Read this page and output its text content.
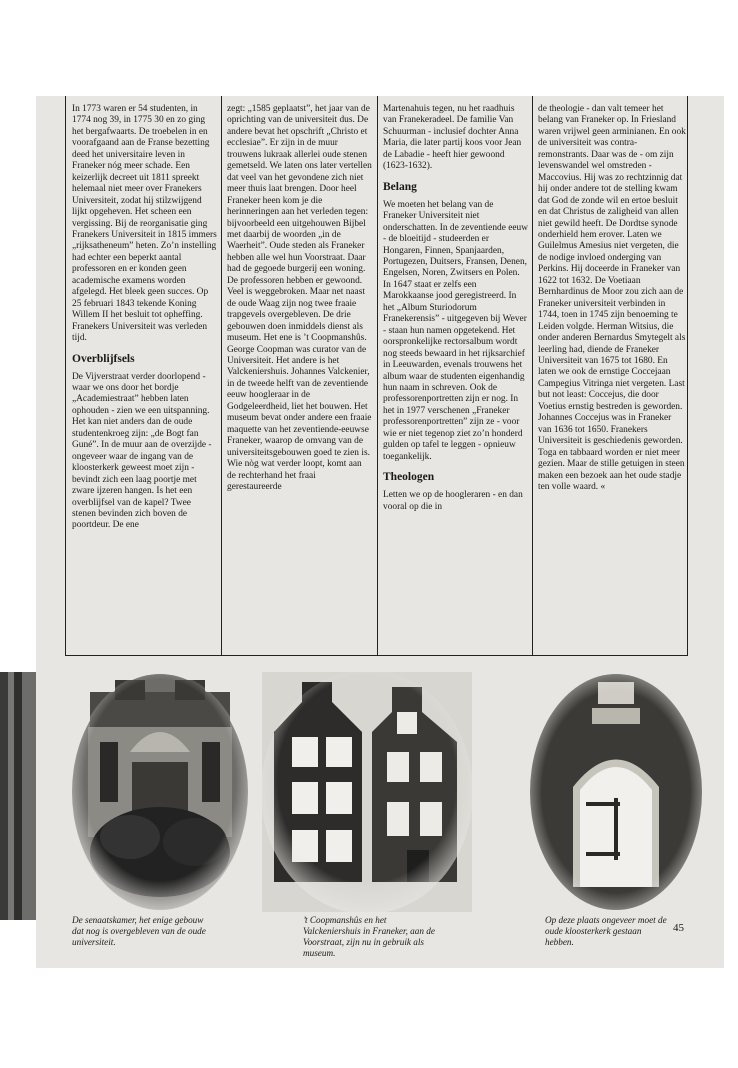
In 1773 waren er 54 studenten, in 1774 nog 39, in 1775 30 en zo ging het bergafwaarts. De troebelen in en voorafgaand aan de Franse bezetting deed het universitaire leven in Franeker nóg meer schade. Een keizerlijk decreet uit 1811 spreekt helemaal niet meer over Franekers Universiteit, zodat hij stilzwijgend lijkt opgeheven. Het scheen een vergissing. Bij de reorganisatie ging Franekers Universiteit in 1815 immers „rijksatheneum” heten. Zo’n instelling had echter een beperkt aantal professoren en er konden geen academische examens worden afgelegd. Het bleek geen succes. Op 25 februari 1843 tekende Koning Willem II het besluit tot opheffing. Franekers Universiteit was verleden tijd.

Overblijfsels

De Vijverstraat verder doorlopend - waar we ons door het bordje „Academiestraat” hebben laten ophouden - zien we een uitspanning. Het kan niet anders dan de oude studentenkroeg zijn: „de Bogt fan Guné”. In de muur aan de overzijde - ongeveer waar de ingang van de kloosterkerk geweest moet zijn - bevindt zich een laag poortje met zware ijzeren hangen. Is het een overblijfsel van de kapel? Twee stenen bevinden zich boven de poortdeur. De ene

zegt: „1585 geplaatst”, het jaar van de oprichting van de universiteit dus. De andere bevat het opschrift „Christo et ecclesiae”. Er zijn in de muur trouwens lukraak allerlei oude stenen gemetseld. We laten ons later vertellen dat veel van het gevondene zich niet meer thuis laat brengen. Door heel Franeker heen kom je die herinneringen aan het verleden tegen: bijvoorbeeld een uitgehouwen Bijbel met daarbij de woorden „in de Waerheit”. Oude steden als Franeker hebben alle wel hun Voorstraat. Daar had de gegoede burgerij een woning. De professoren hebben er gewoond. Veel is weggebroken. Maar net naast de oude Waag zijn nog twee fraaie trapgevels overgebleven. De drie gebouwen doen inmiddels dienst als museum. Het ene is ’t Coopmanshûs. George Coopman was curator van de Universiteit. Het andere is het Valckeniershuis. Johannes Valckenier, in de tweede helft van de zeventiende eeuw hoogleraar in de Godgeleerdheid, liet het bouwen. Het museum bevat onder andere een fraaie maquette van het zeventiende-eeuwse Franeker, waarop de omvang van de universiteitsgebouwen goed te zien is. Wie nòg wat verder loopt, komt aan de rechterhand het fraai gerestaureerde

Martenahuis tegen, nu het raadhuis van Franekeradeel. De familie Van Schuurman - inclusief dochter Anna Maria, die later partij koos voor Jean de Labadie - heeft hier gewoond (1623-1632).

Belang

We moeten het belang van de Franeker Universiteit niet onderschatten. In de zeventiende eeuw - de bloeitijd - studeerden er Hongaren, Finnen, Spanjaarden, Portugezen, Duitsers, Fransen, Denen, Engelsen, Noren, Zwitsers en Polen. In 1647 staat er zelfs een Marokkaanse jood geregistreerd. In het „Album Sturiodorum Franekerensis” - uitgegeven bij Wever - staan hun namen opgetekend. Het oorspronkelijke rectorsalbum wordt nog steeds bewaard in het rijksarchief in Leeuwarden, evenals trouwens het album waar de studenten eigenhandig hun naam in schreven. Ook de professorenportretten zijn er nog. In het in 1977 verschenen „Franeker professorenportretten” zijn ze - voor wie er niet tegenop ziet zo’n honderd gulden op tafel te leggen - opnieuw toegankelijk.

Theologen

Letten we op de hoogleraren - en dan vooral op die in

de theologie - dan valt temeer het belang van Franeker op. In Friesland waren vrijwel geen arminianen. En ook de universiteit was contra-remonstrants. Daar was de - om zijn levenswandel wel omstreden - Maccovius. Hij was zo rechtzinnig dat hij onder andere tot de stelling kwam dat God de zonde wil en ertoe besluit en dat Christus de zaligheid van allen niet gewild heeft. De Dordtse synode onderhield hem erover. Laten we Guilelmus Amesius niet vergeten, die de nodige invloed onderging van Perkins. Hij doceerde in Franeker van 1622 tot 1632. De Voetiaan Bernhardinus de Moor zou zich aan de Franeker universiteit verbinden in 1744, toen in 1745 zijn benoeming te Leiden volgde. Herman Witsius, die onder anderen Bernardus Smytegelt als leerling had, diende de Franeker Universiteit van 1675 tot 1680. En laten we ook de ernstige Coccejaan Campegius Vitringa niet vergeten. Last but not least: Coccejus, die door Voetius ernstig bestreden is geworden. Johannes Coccejus was in Franeker van 1636 tot 1650. Franekers Universiteit is geschiedenis geworden. Toga en tabbaard worden er niet meer gezien. Maar de stille getuigen in steen maken een bezoek aan het oude stadje ten volle waard. «

De senaatskamer, het enige gebouw dat nog is overgebleven van de oude universiteit.
’t Coopmanshûs en het Valckeniershuis in Franeker, aan de Voorstraat, zijn nu in gebruik als museum.
Op deze plaats ongeveer moet de oude kloosterkerk gestaan hebben.
45
